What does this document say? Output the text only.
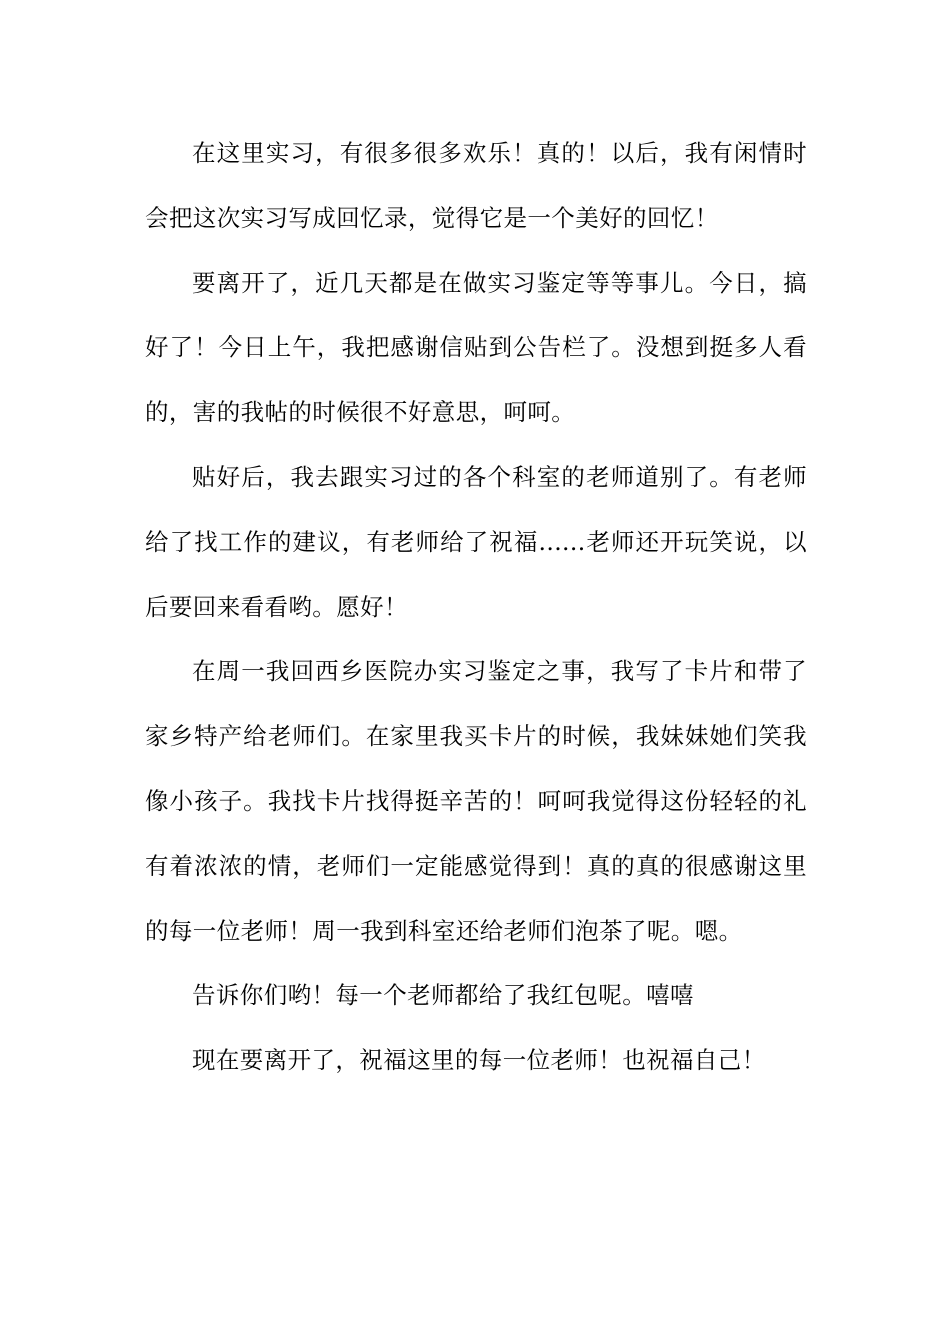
在这里实习，有很多很多欢乐！真的！以后，我有闲情时会把这次实习写成回忆录，觉得它是一个美好的回忆！

要离开了，近几天都是在做实习鉴定等等事儿。今日，搞好了！今日上午，我把感谢信贴到公告栏了。没想到挺多人看的，害的我帖的时候很不好意思，呵呵。

贴好后，我去跟实习过的各个科室的老师道别了。有老师给了找工作的建议，有老师给了祝福......老师还开玩笑说，以后要回来看看哟。愿好！

在周一我回西乡医院办实习鉴定之事，我写了卡片和带了家乡特产给老师们。在家里我买卡片的时候，我妹妹她们笑我像小孩子。我找卡片找得挺辛苦的！呵呵我觉得这份轻轻的礼有着浓浓的情，老师们一定能感觉得到！真的真的很感谢这里的每一位老师！周一我到科室还给老师们泡茶了呢。嗯。

告诉你们哟！每一个老师都给了我红包呢。嘻嘻

现在要离开了，祝福这里的每一位老师！也祝福自己！
